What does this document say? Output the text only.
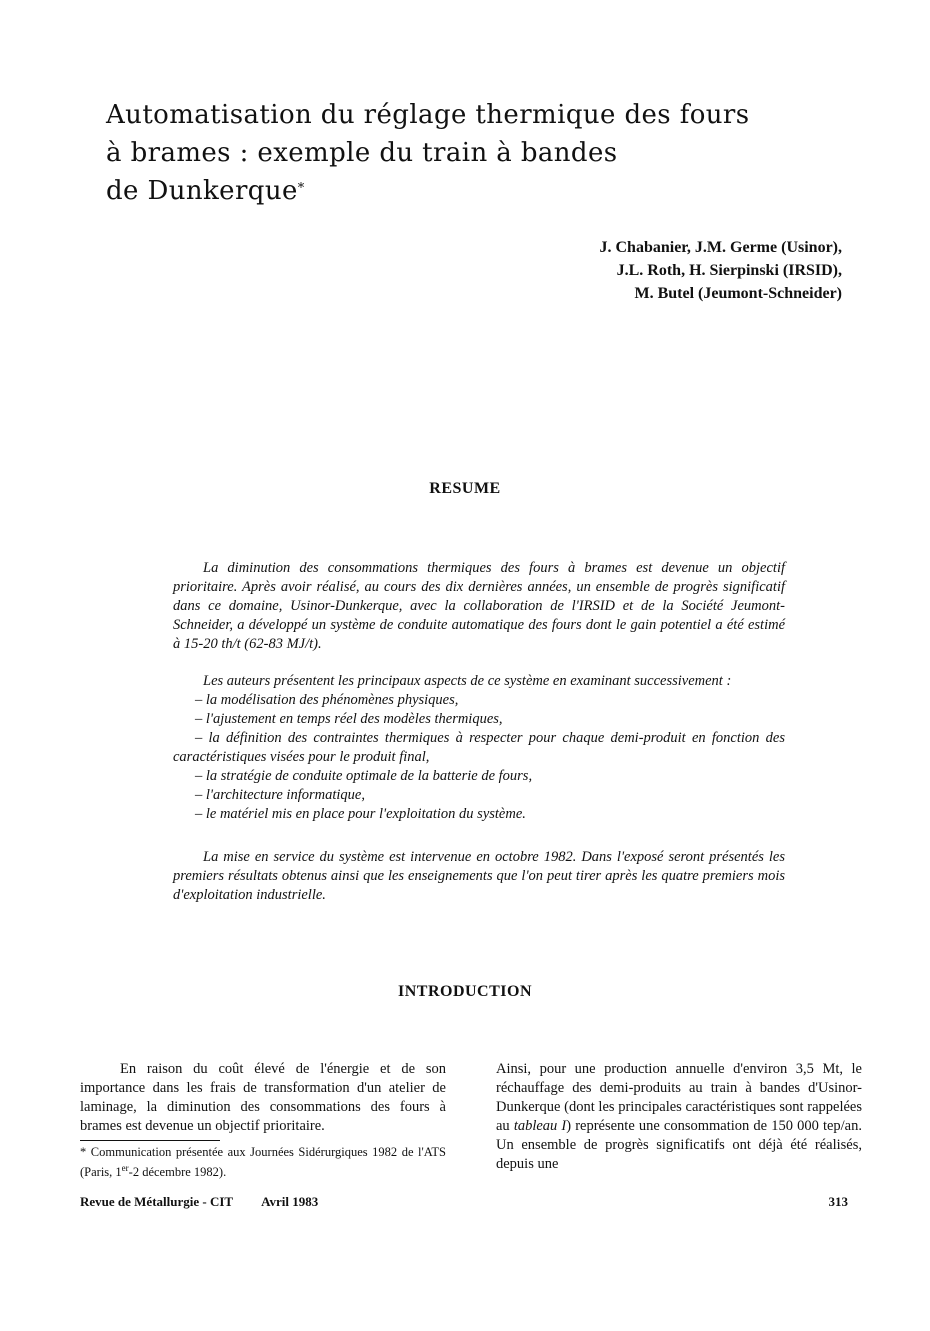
Automatisation du réglage thermique des fours
à brames : exemple du train à bandes
de Dunkerque*
J. Chabanier, J.M. Germe (Usinor),
J.L. Roth, H. Sierpinski (IRSID),
M. Butel (Jeumont-Schneider)
RESUME

La diminution des consommations thermiques des fours à brames est devenue un objectif prioritaire. Après avoir réalisé, au cours des dix dernières années, un ensemble de progrès significatif dans ce domaine, Usinor-Dunkerque, avec la collaboration de l'IRSID et de la Société Jeumont-Schneider, a développé un système de conduite automatique des fours dont le gain potentiel a été estimé à 15-20 th/t (62-83 MJ/t).

Les auteurs présentent les principaux aspects de ce système en examinant successivement :

– la modélisation des phénomènes physiques,

– l'ajustement en temps réel des modèles thermiques,

– la définition des contraintes thermiques à respecter pour chaque demi-produit en fonction des caractéristiques visées pour le produit final,

– la stratégie de conduite optimale de la batterie de fours,

– l'architecture informatique,

– le matériel mis en place pour l'exploitation du système.

La mise en service du système est intervenue en octobre 1982. Dans l'exposé seront présentés les premiers résultats obtenus ainsi que les enseignements que l'on peut tirer après les quatre premiers mois d'exploitation industrielle.

INTRODUCTION

En raison du coût élevé de l'énergie et de son importance dans les frais de transformation d'un atelier de laminage, la diminution des consommations des fours à brames est devenue un objectif prioritaire.

Ainsi, pour une production annuelle d'environ 3,5 Mt, le réchauffage des demi-produits au train à bandes d'Usinor-Dunkerque (dont les principales caractéristiques sont rappelées au tableau I) représente une consommation de 150 000 tep/an. Un ensemble de progrès significatifs ont déjà été réalisés, depuis une

* Communication présentée aux Journées Sidérurgiques 1982 de l'ATS (Paris, 1er-2 décembre 1982).
Revue de Métallurgie - CIT Avril 1983	313
